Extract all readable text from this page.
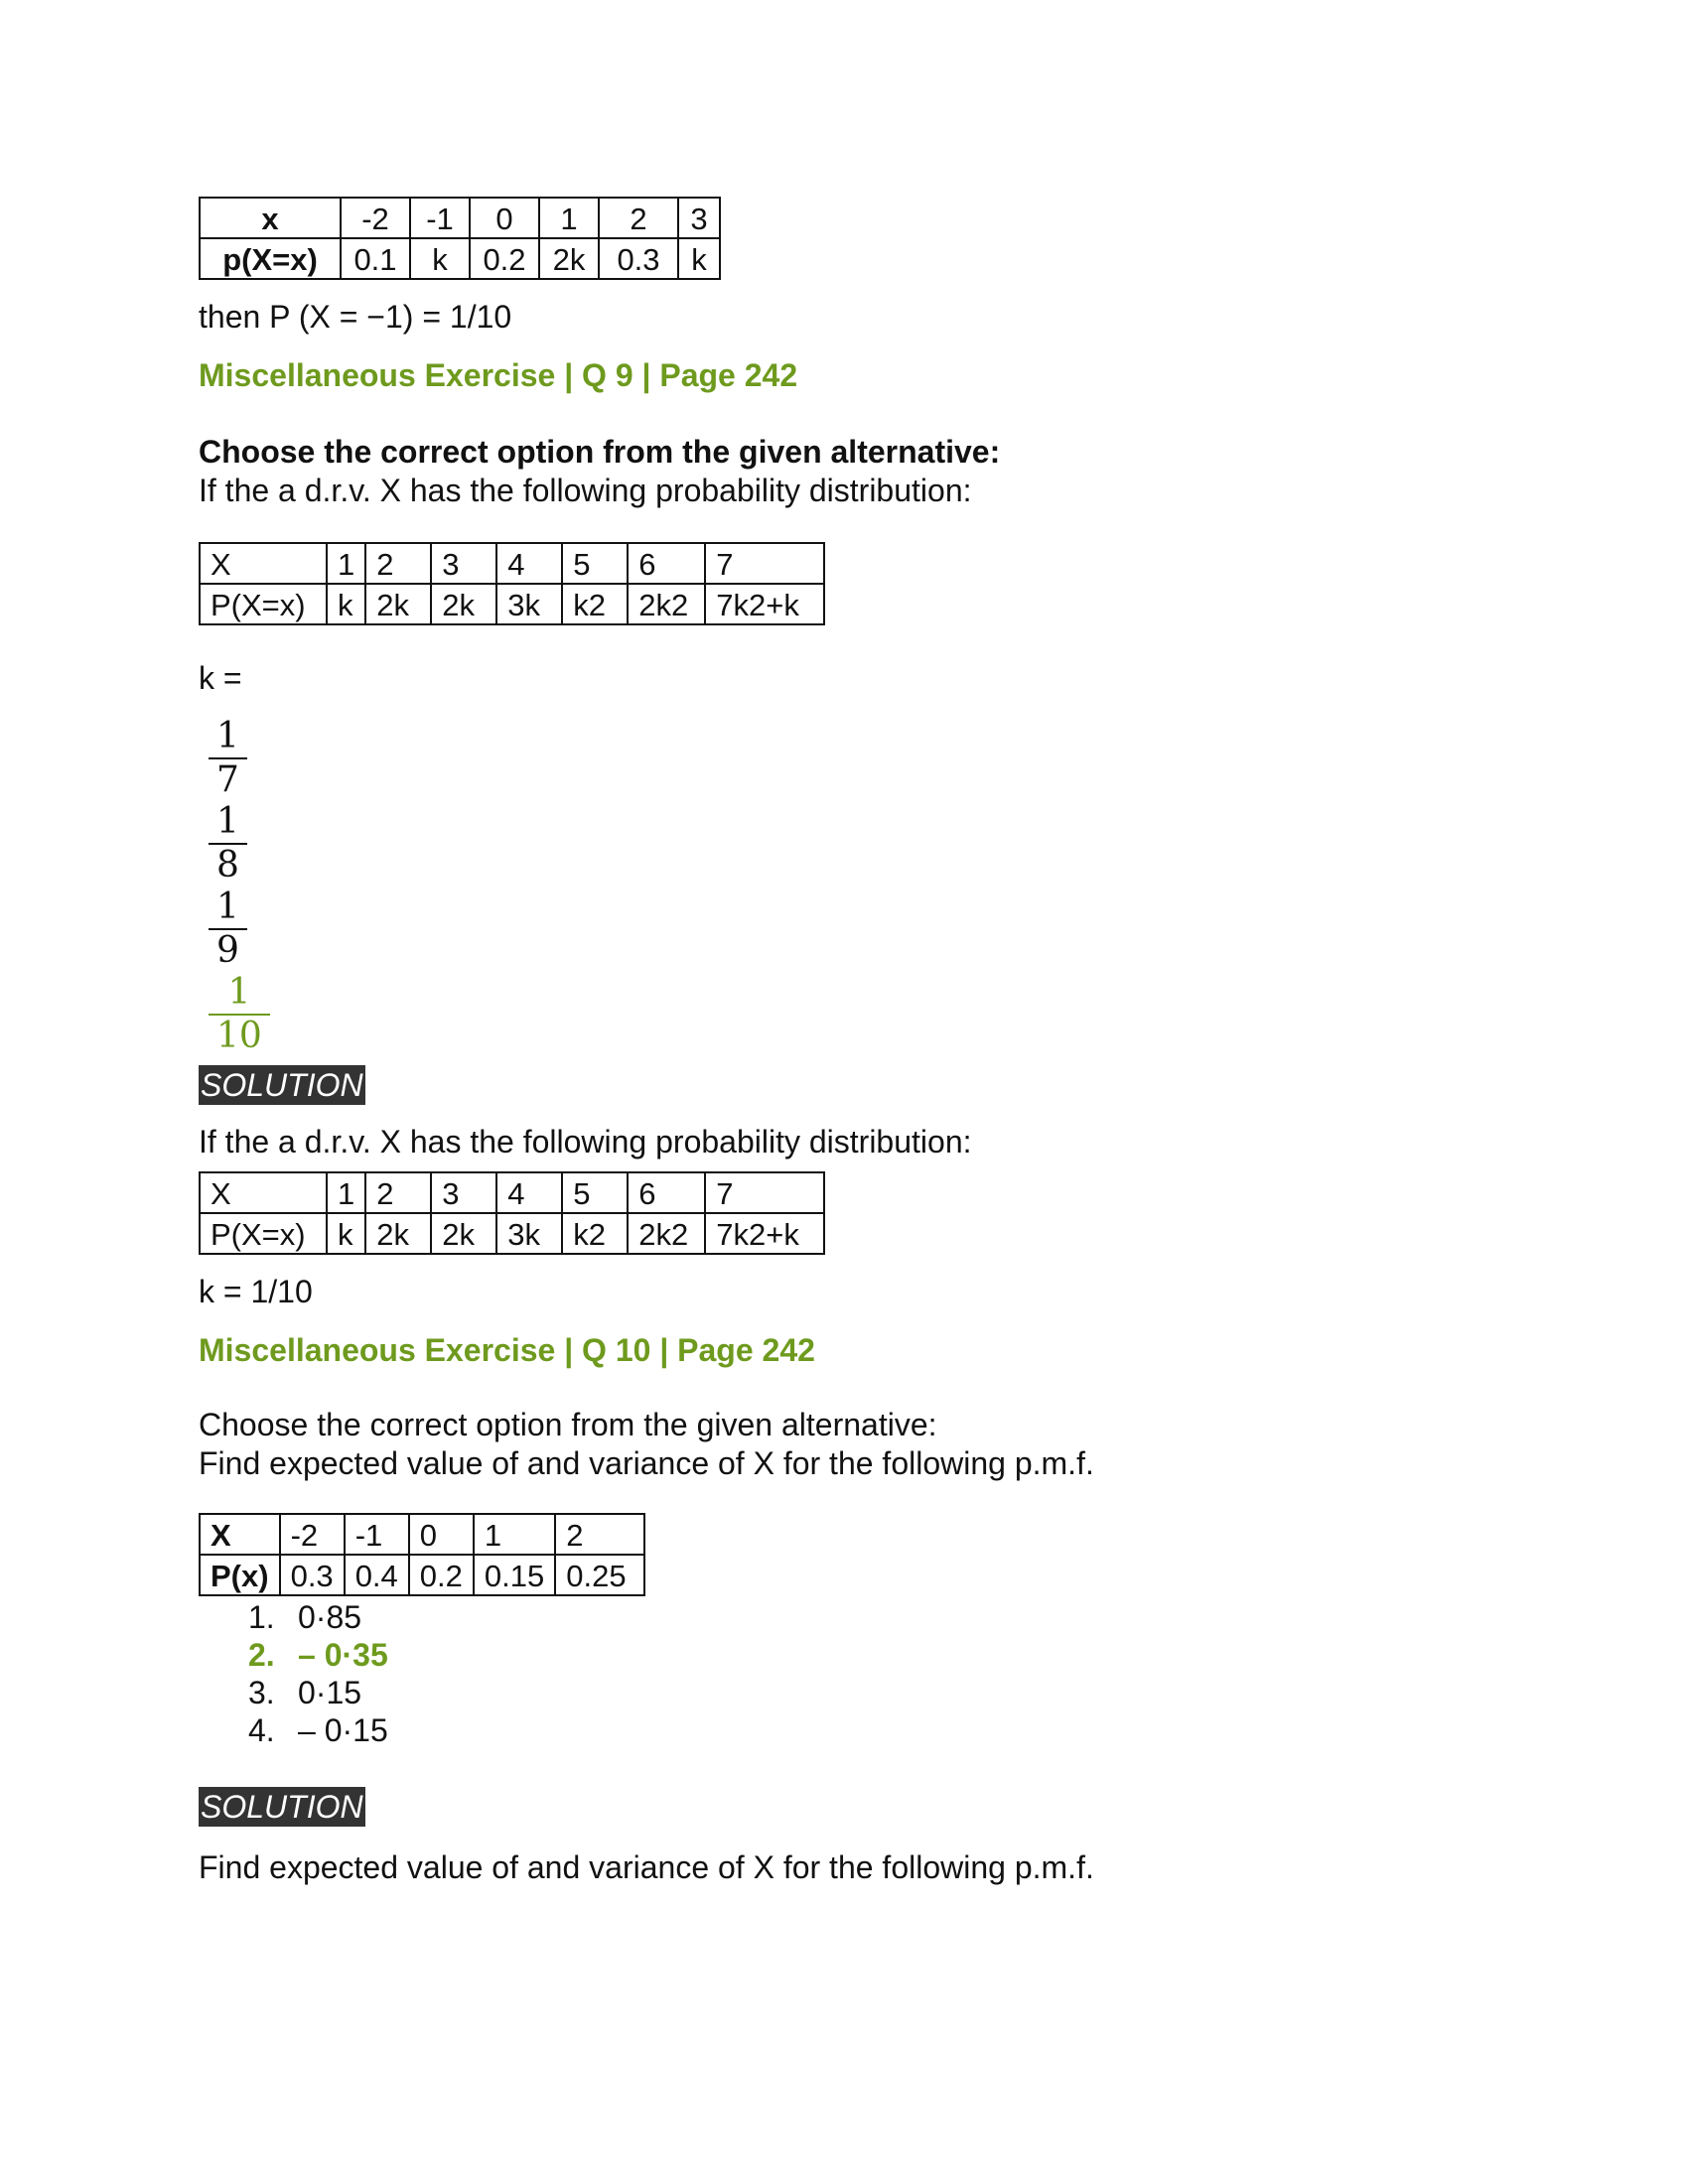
x	-2	-1	0	1	2	3
p(X=x)	0.1	k	0.2	2k	0.3	k

then P (X = −1) = 1/10

Miscellaneous Exercise | Q 9 | Page 242

Choose the correct option from the given alternative:

If the a d.r.v. X has the following probability distribution:

X	1	2	3	4	5	6	7
P(X=x)	k	2k	2k	3k	k2	2k2	7k2+k

k =

$\frac{1}{7}$
$\frac{1}{8}$
$\frac{1}{9}$
$\frac{1}{10}$
SOLUTION

If the a d.r.v. X has the following probability distribution:

X	1	2	3	4	5	6	7
P(X=x)	k	2k	2k	3k	k2	2k2	7k2+k

k = 1/10

Miscellaneous Exercise | Q 10 | Page 242

Choose the correct option from the given alternative:

Find expected value of and variance of X for the following p.m.f.

X	-2	-1	0	1	2
P(x)	0.3	0.4	0.2	0.15	0.25
1. 0·85
2. – 0·35
3. 0·15
4. – 0·15
SOLUTION

Find expected value of and variance of X for the following p.m.f.
